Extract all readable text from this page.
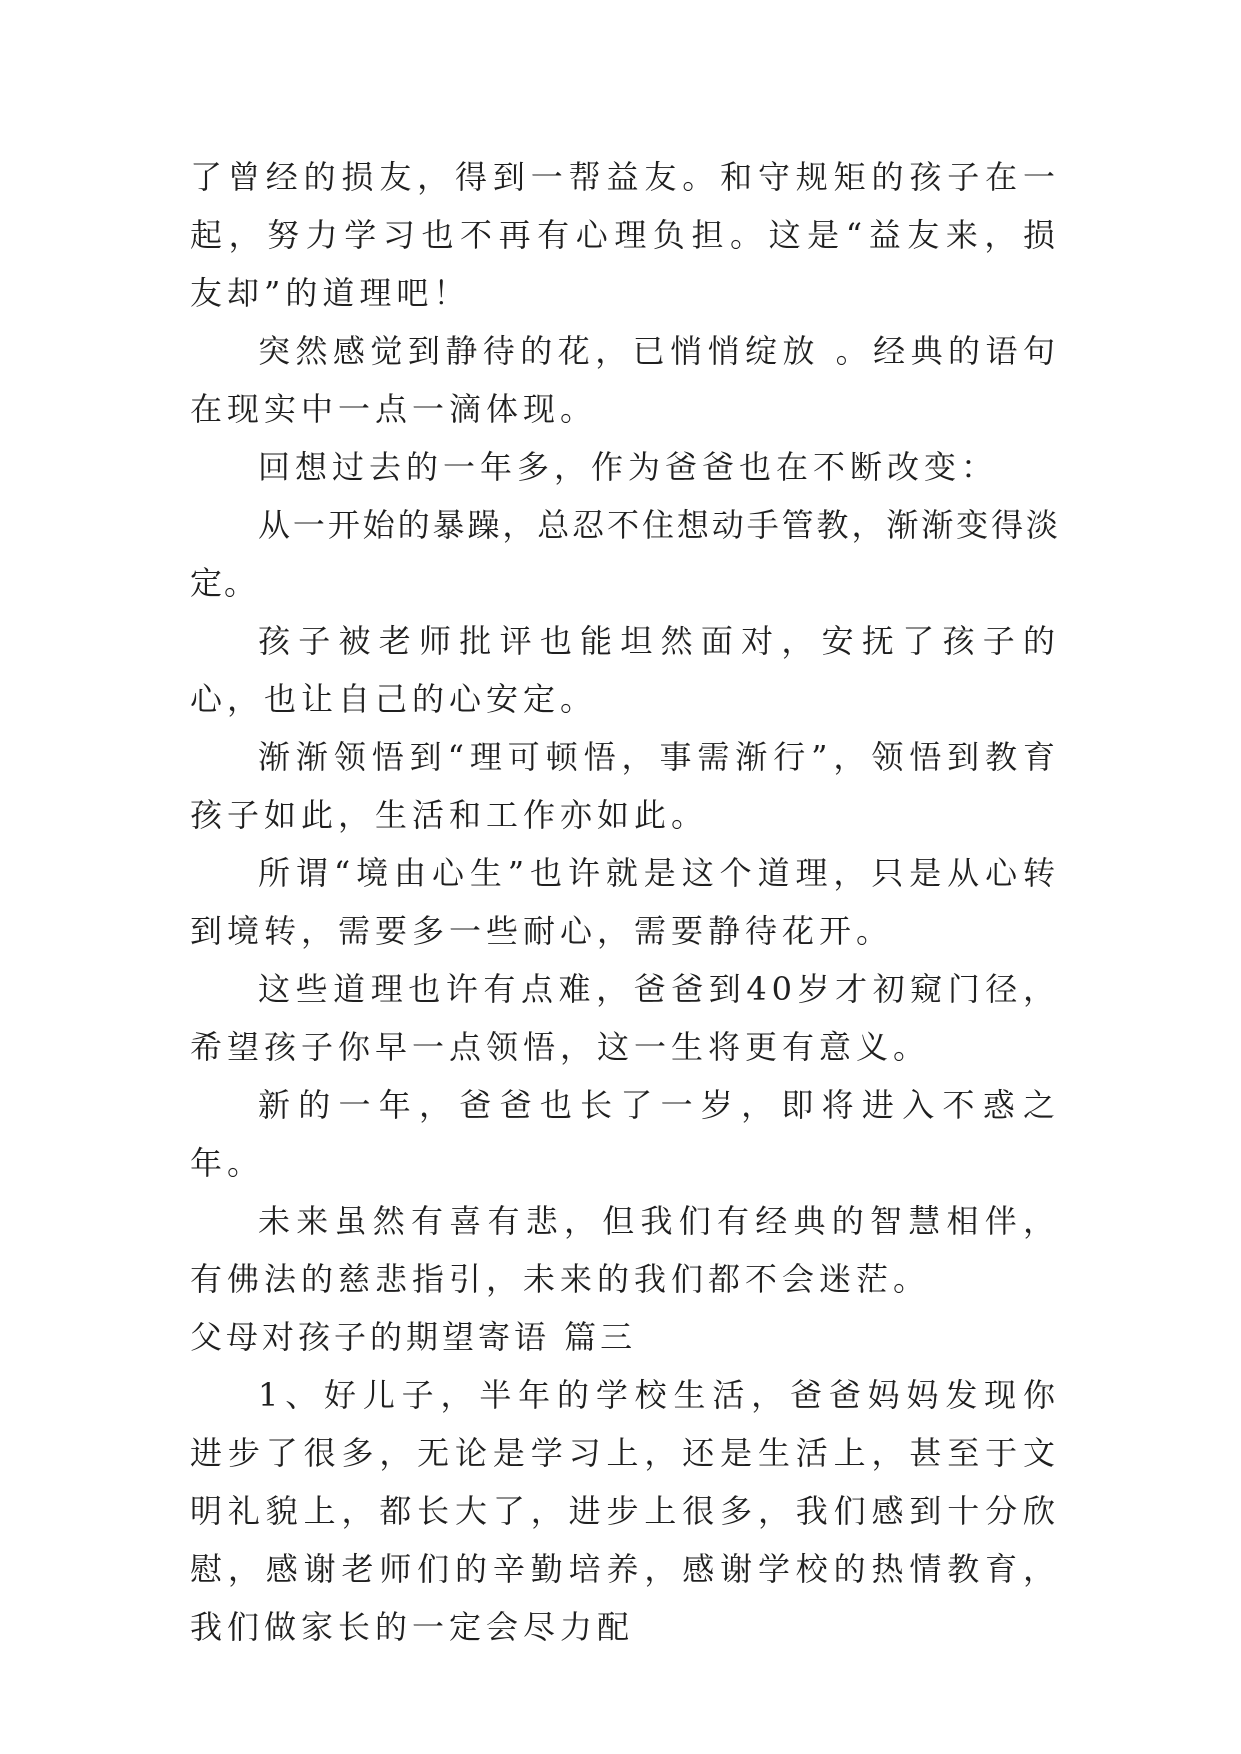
了曾经的损友，得到一帮益友。和守规矩的孩子在一起，努力学习也不再有心理负担。这是“益友来，损友却”的道理吧！

突然感觉到静待的花，已悄悄绽放 。经典的语句在现实中一点一滴体现。

回想过去的一年多，作为爸爸也在不断改变：

从一开始的暴躁，总忍不住想动手管教，渐渐变得淡定。

孩子被老师批评也能坦然面对，安抚了孩子的心，也让自己的心安定。

渐渐领悟到“理可顿悟，事需渐行”，领悟到教育孩子如此，生活和工作亦如此。

所谓“境由心生”也许就是这个道理，只是从心转到境转，需要多一些耐心，需要静待花开。

这些道理也许有点难，爸爸到40岁才初窥门径，希望孩子你早一点领悟，这一生将更有意义。

新的一年，爸爸也长了一岁，即将进入不惑之年。

未来虽然有喜有悲，但我们有经典的智慧相伴，有佛法的慈悲指引，未来的我们都不会迷茫。

父母对孩子的期望寄语 篇三

1、好儿子，半年的学校生活，爸爸妈妈发现你进步了很多，无论是学习上，还是生活上，甚至于文明礼貌上，都长大了，进步上很多，我们感到十分欣慰，感谢老师们的辛勤培养，感谢学校的热情教育，我们做家长的一定会尽力配
